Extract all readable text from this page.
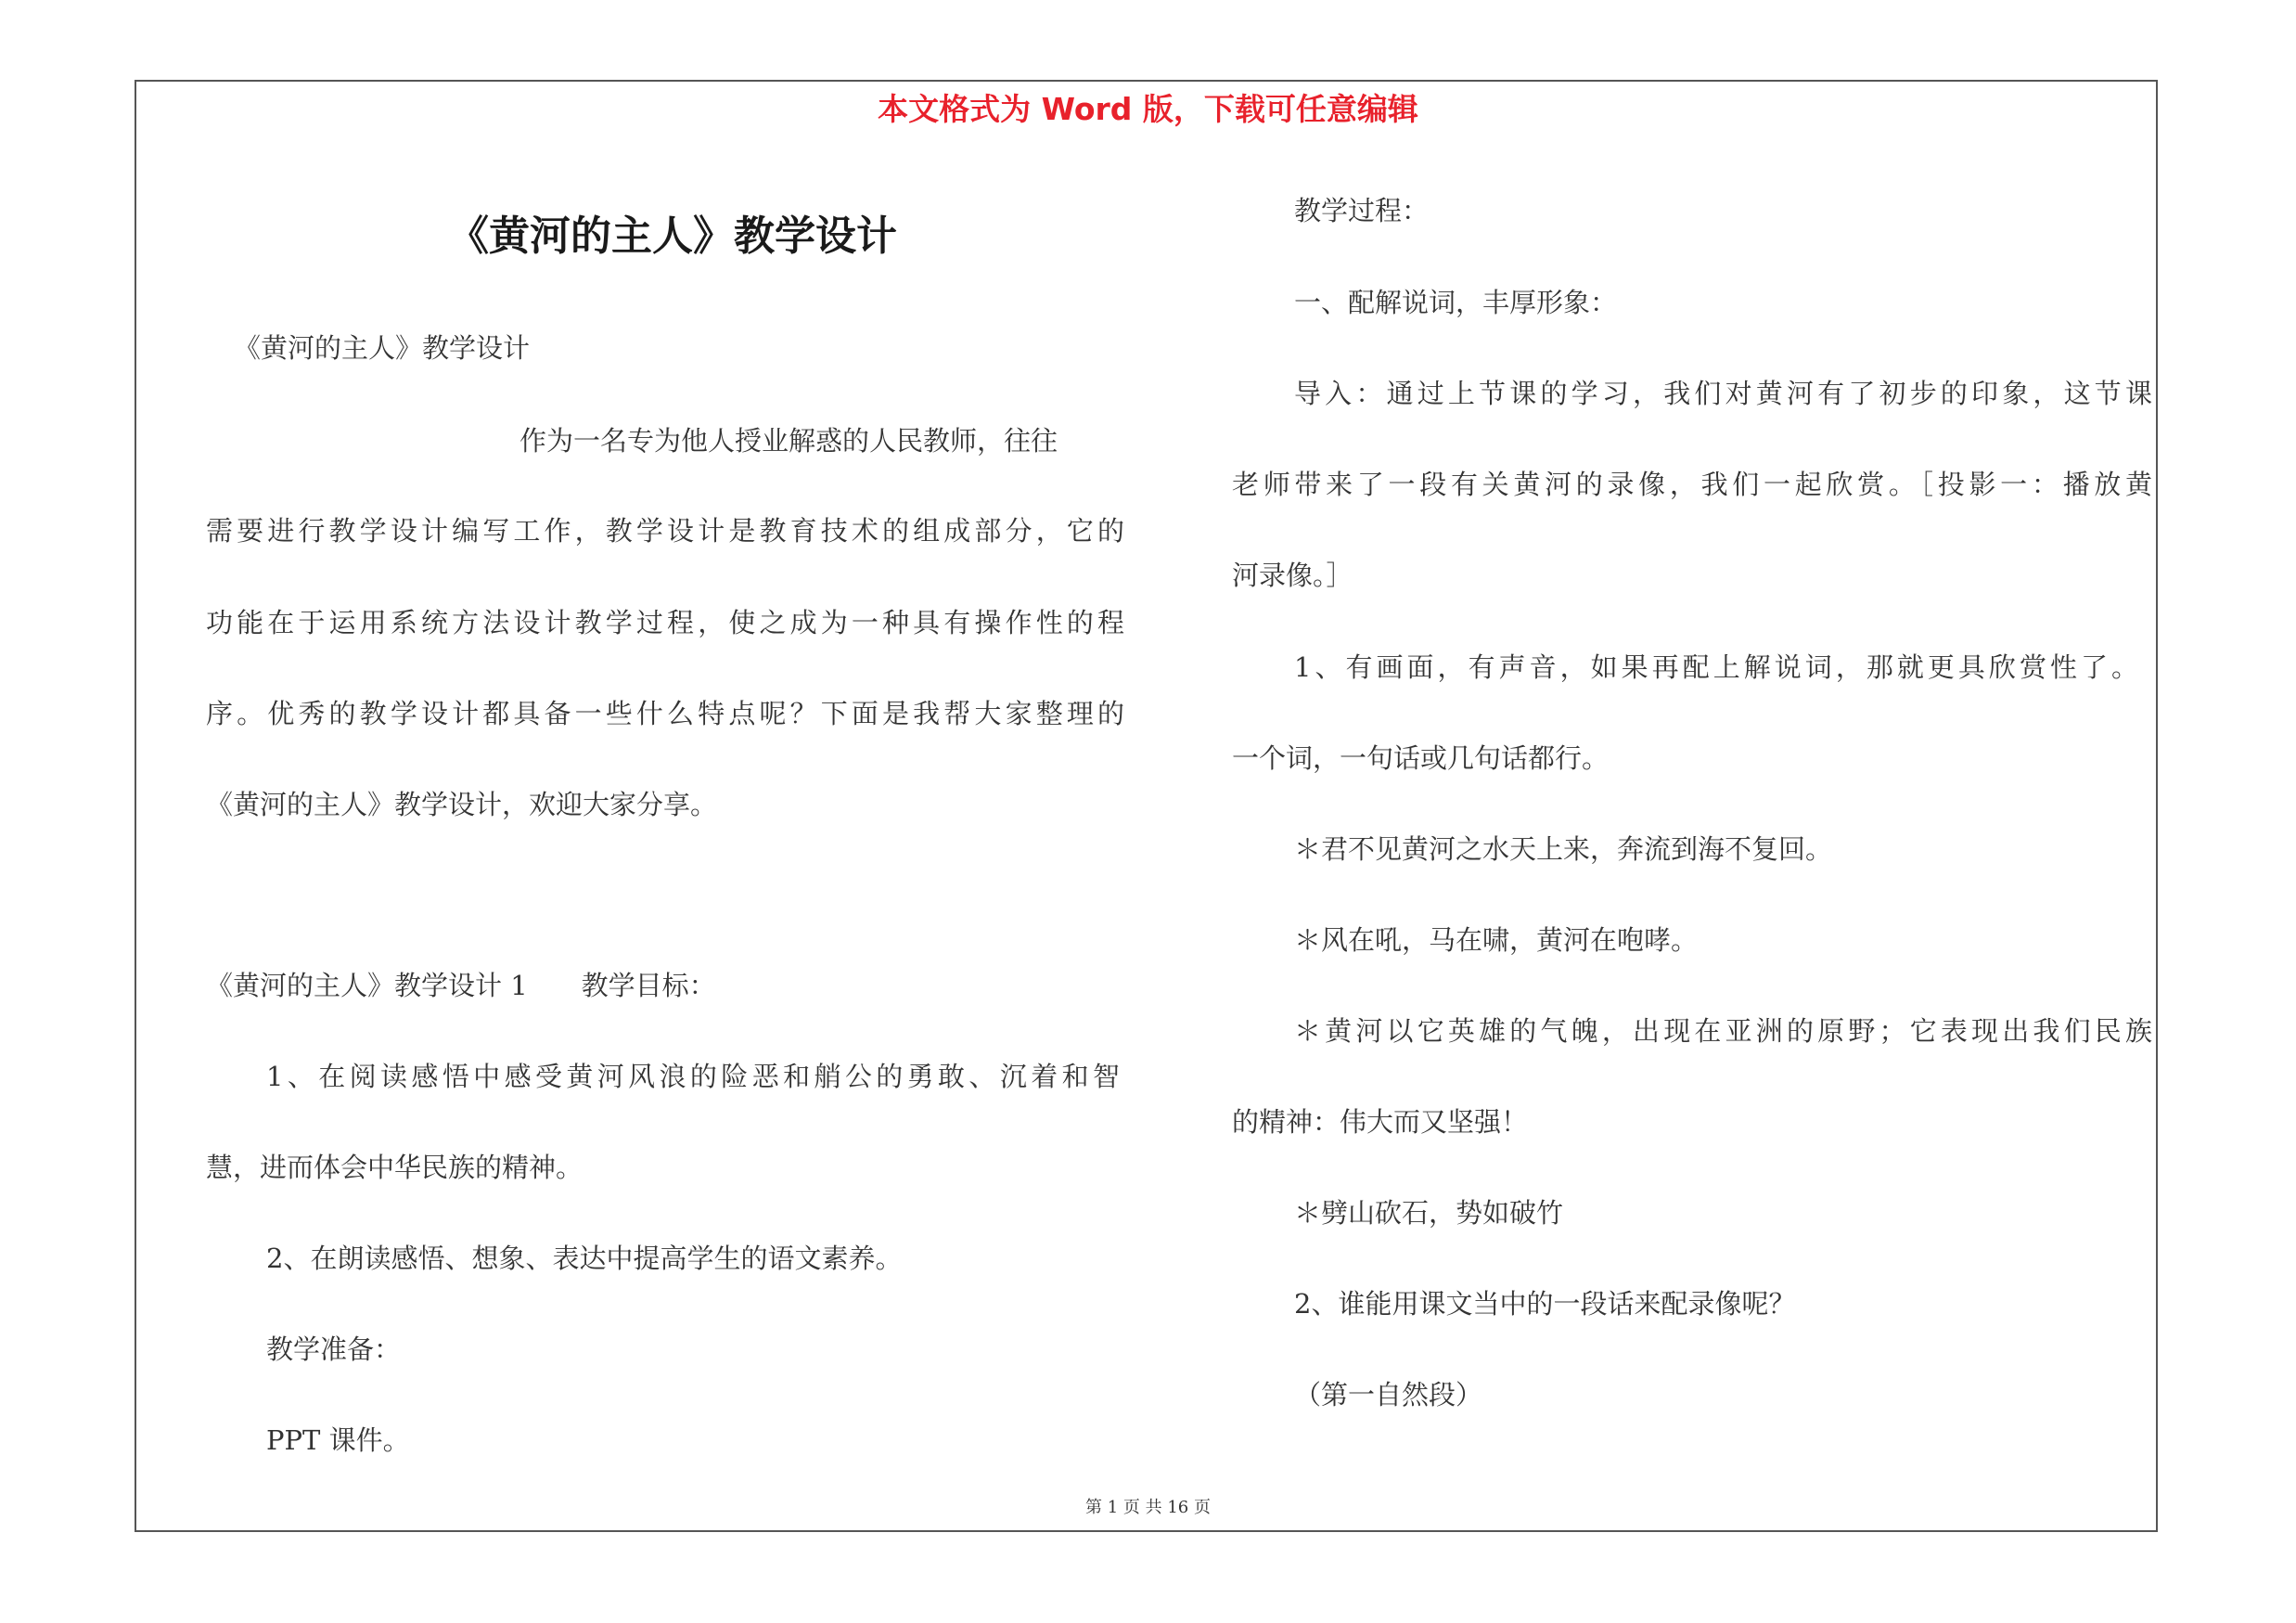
本文格式为 Word 版，下载可任意编辑
《黄河的主人》教学设计
《黄河的主人》教学设计
作为一名专为他人授业解惑的人民教师，往往
需要进行教学设计编写工作，教学设计是教育技术的组成部分，它的
功能在于运用系统方法设计教学过程，使之成为一种具有操作性的程
序。优秀的教学设计都具备一些什么特点呢？下面是我帮大家整理的
《黄河的主人》教学设计，欢迎大家分享。
《黄河的主人》教学设计 1　　教学目标：
1、在阅读感悟中感受黄河风浪的险恶和艄公的勇敢、沉着和智
慧，进而体会中华民族的精神。
2、在朗读感悟、想象、表达中提高学生的语文素养。
教学准备：
PPT 课件。
教学过程：
一、配解说词，丰厚形象：
导入：通过上节课的学习，我们对黄河有了初步的印象，这节课
老师带来了一段有关黄河的录像，我们一起欣赏。［投影一：播放黄
河录像。］
1、有画面，有声音，如果再配上解说词，那就更具欣赏性了。
一个词，一句话或几句话都行。
＊君不见黄河之水天上来，奔流到海不复回。
＊风在吼，马在啸，黄河在咆哮。
＊黄河以它英雄的气魄，出现在亚洲的原野；它表现出我们民族
的精神：伟大而又坚强！
＊劈山砍石，势如破竹
2、谁能用课文当中的一段话来配录像呢？
（第一自然段）
第 1 页 共 16 页
